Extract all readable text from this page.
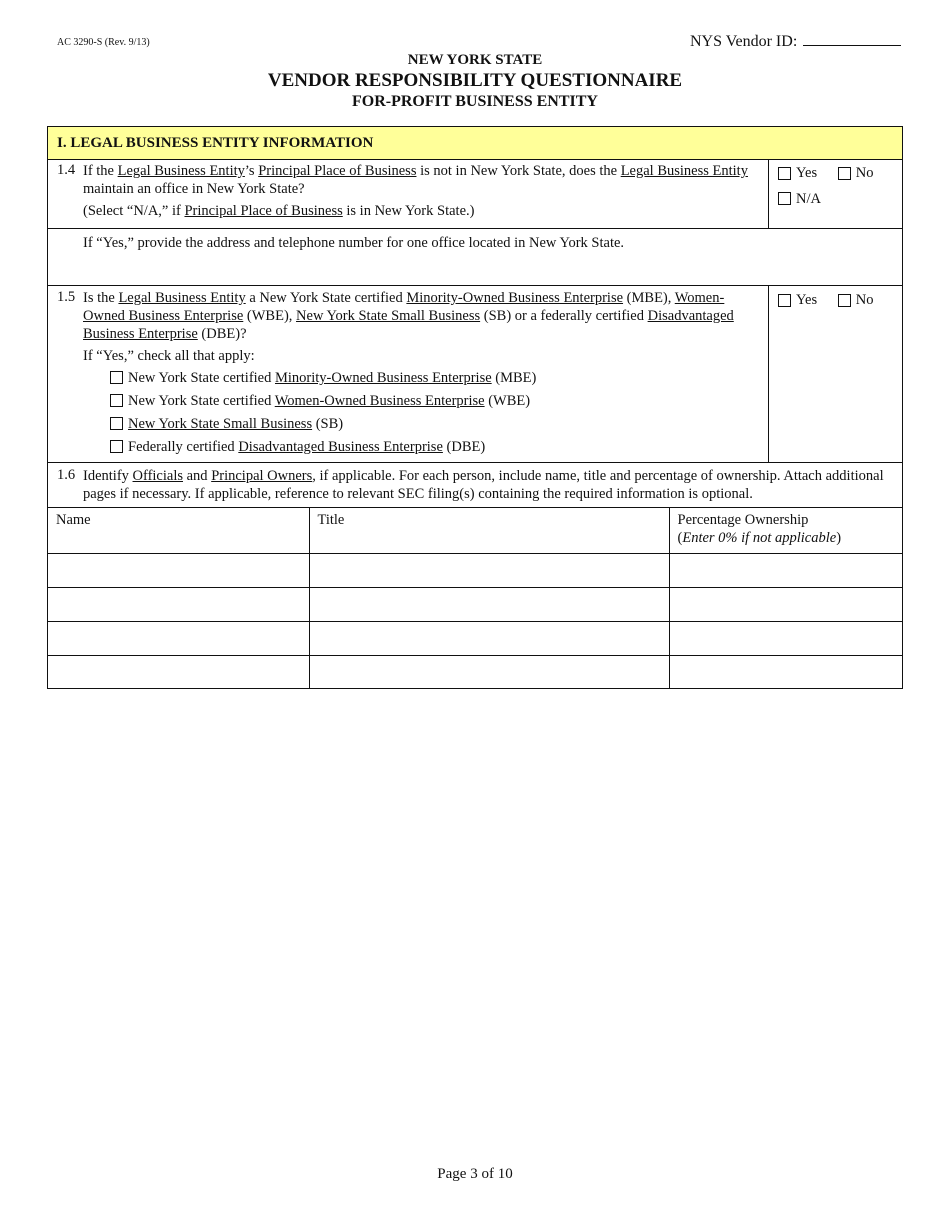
AC 3290-S (Rev. 9/13)	NYS Vendor ID:
NEW YORK STATE
VENDOR RESPONSIBILITY QUESTIONNAIRE
FOR-PROFIT BUSINESS ENTITY
I. LEGAL BUSINESS ENTITY INFORMATION
1.4 If the Legal Business Entity’s Principal Place of Business is not in New York State, does the Legal Business Entity maintain an office in New York State?
(Select “N/A,” if Principal Place of Business is in New York State.)
Yes
	No
N/A
If “Yes,” provide the address and telephone number for one office located in New York State.
1.5 Is the Legal Business Entity a New York State certified Minority-Owned Business Enterprise (MBE), Women-Owned Business Enterprise (WBE), New York State Small Business (SB) or a federally certified Disadvantaged Business Enterprise (DBE)?
If “Yes,” check all that apply:
New York State certified Minority-Owned Business Enterprise (MBE)
New York State certified Women-Owned Business Enterprise (WBE)
New York State Small Business (SB)
Federally certified Disadvantaged Business Enterprise (DBE)
Yes
	No
1.6 Identify Officials and Principal Owners, if applicable. For each person, include name, title and percentage of ownership. Attach additional pages if necessary. If applicable, reference to relevant SEC filing(s) containing the required information is optional.
Name	Title	Percentage Ownership
(Enter 0% if not applicable)

Page 3 of 10
